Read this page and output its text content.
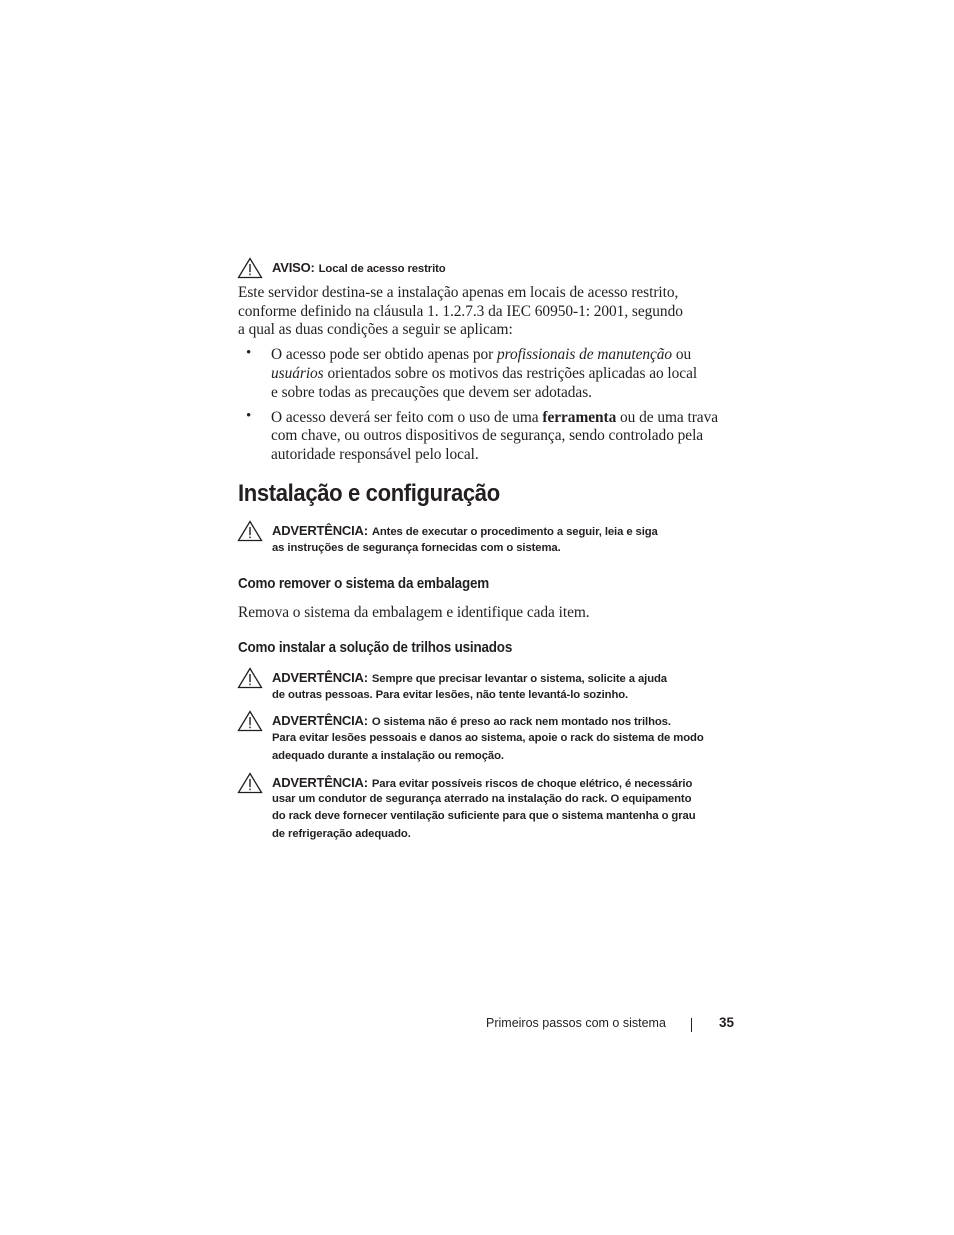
AVISO: Local de acesso restrito
Este servidor destina-se a instalação apenas em locais de acesso restrito,
conforme definido na cláusula 1. 1.2.7.3 da IEC 60950-1: 2001, segundo
a qual as duas condições a seguir se aplicam:
• O acesso pode ser obtido apenas por profissionais de manutenção ou
usuários orientados sobre os motivos das restrições aplicadas ao local
e sobre todas as precauções que devem ser adotadas.
• O acesso deverá ser feito com o uso de uma ferramenta ou de uma trava
com chave, ou outros dispositivos de segurança, sendo controlado pela
autoridade responsável pelo local.
Instalação e configuração
ADVERTÊNCIA: Antes de executar o procedimento a seguir, leia e siga
as instruções de segurança fornecidas com o sistema.
Como remover o sistema da embalagem
Remova o sistema da embalagem e identifique cada item.
Como instalar a solução de trilhos usinados
ADVERTÊNCIA: Sempre que precisar levantar o sistema, solicite a ajuda
de outras pessoas. Para evitar lesões, não tente levantá-lo sozinho.
ADVERTÊNCIA: O sistema não é preso ao rack nem montado nos trilhos.
Para evitar lesões pessoais e danos ao sistema, apoie o rack do sistema de modo
adequado durante a instalação ou remoção.
ADVERTÊNCIA: Para evitar possíveis riscos de choque elétrico, é necessário
usar um condutor de segurança aterrado na instalação do rack. O equipamento
do rack deve fornecer ventilação suficiente para que o sistema mantenha o grau
de refrigeração adequado.
Primeiros passos com o sistema	35
